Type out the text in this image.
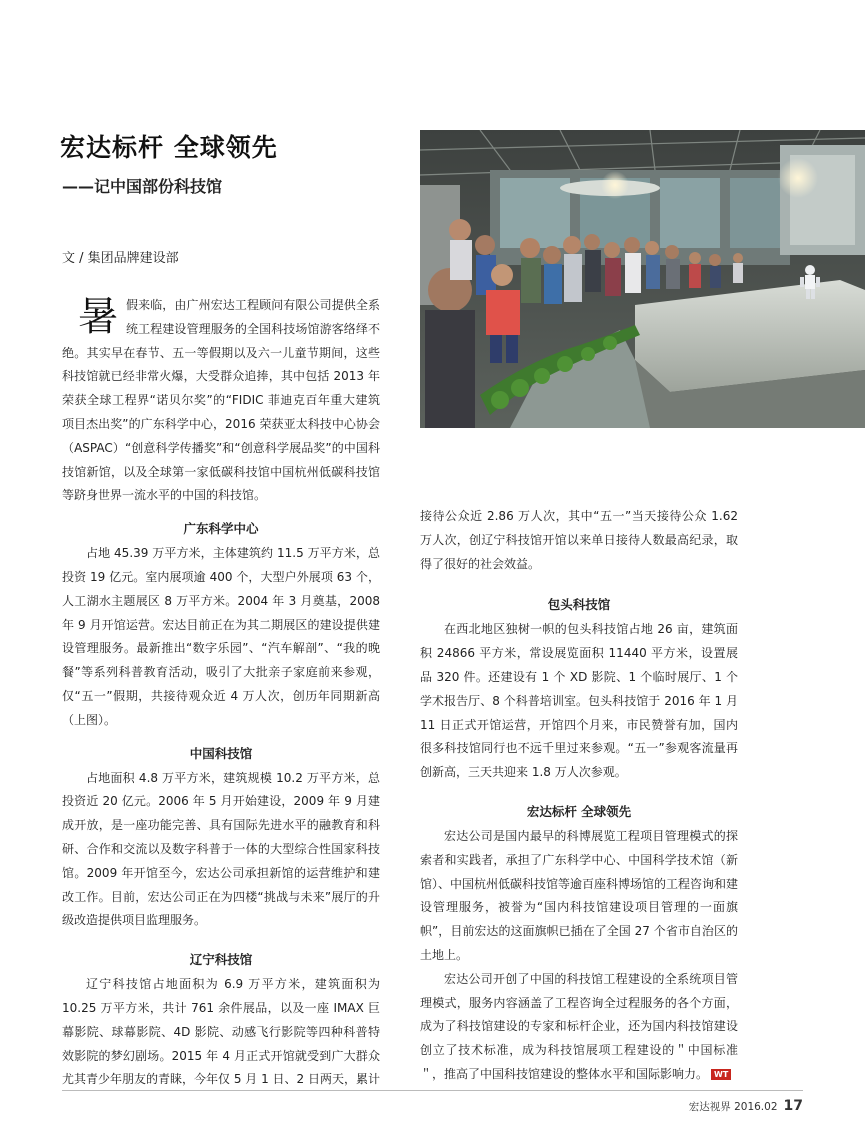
宏达标杆 全球领先
——记中国部份科技馆
文 / 集团品牌建设部

暑假来临，由广州宏达工程顾问有限公司提供全系统工程建设管理服务的全国科技场馆游客络绎不绝。其实早在春节、五一等假期以及六一儿童节期间，这些科技馆就已经非常火爆，大受群众追捧，其中包括 2013 年荣获全球工程界“诺贝尔奖”的“FIDIC 菲迪克百年重大建筑项目杰出奖”的广东科学中心，2016 荣获亚太科技中心协会（ASPAC）“创意科学传播奖”和“创意科学展品奖”的中国科技馆新馆，以及全球第一家低碳科技馆中国杭州低碳科技馆等跻身世界一流水平的中国的科技馆。

广东科学中心

占地 45.39 万平方米，主体建筑约 11.5 万平方米，总投资 19 亿元。室内展项逾 400 个，大型户外展项 63 个，人工湖水主题展区 8 万平方米。2004 年 3 月奠基，2008 年 9 月开馆运营。宏达目前正在为其二期展区的建设提供建设管理服务。最新推出“数字乐园”、“汽车解剖”、“我的晚餐”等系列科普教育活动，吸引了大批亲子家庭前来参观，仅“五一”假期，共接待观众近 4 万人次，创历年同期新高（上图）。

中国科技馆

占地面积 4.8 万平方米，建筑规模 10.2 万平方米，总投资近 20 亿元。2006 年 5 月开始建设，2009 年 9 月建成开放，是一座功能完善、具有国际先进水平的融教育和科研、合作和交流以及数字科普于一体的大型综合性国家科技馆。2009 年开馆至今，宏达公司承担新馆的运营维护和建改工作。目前，宏达公司正在为四楼“挑战与未来”展厅的升级改造提供项目监理服务。

辽宁科技馆

辽宁科技馆占地面积为 6.9 万平方米，建筑面积为 10.25 万平方米，共计 761 余件展品，以及一座 IMAX 巨幕影院、球幕影院、4D 影院、动感飞行影院等四种科普特效影院的梦幻剧场。2015 年 4 月正式开馆就受到广大群众尤其青少年朋友的青睐，今年仅 5 月 1 日、2 日两天，累计

接待公众近 2.86 万人次，其中“五一”当天接待公众 1.62 万人次，创辽宁科技馆开馆以来单日接待人数最高纪录，取得了很好的社会效益。

包头科技馆

在西北地区独树一帜的包头科技馆占地 26 亩，建筑面积 24866 平方米，常设展览面积 11440 平方米，设置展品 320 件。还建设有 1 个 XD 影院、1 个临时展厅、1 个学术报告厅、8 个科普培训室。包头科技馆于 2016 年 1 月 11 日正式开馆运营，开馆四个月来，市民赞誉有加，国内很多科技馆同行也不远千里过来参观。“五一”参观客流量再创新高，三天共迎来 1.8 万人次参观。

宏达标杆 全球领先

宏达公司是国内最早的科博展览工程项目管理模式的探索者和实践者，承担了广东科学中心、中国科学技术馆（新馆）、中国杭州低碳科技馆等逾百座科博场馆的工程咨询和建设管理服务，被誉为“国内科技馆建设项目管理的一面旗帜”，目前宏达的这面旗帜已插在了全国 27 个省市自治区的土地上。

宏达公司开创了中国的科技馆工程建设的全系统项目管理模式，服务内容涵盖了工程咨询全过程服务的各个方面，成为了科技馆建设的专家和标杆企业，还为国内科技馆建设创立了技术标准，成为科技馆展项工程建设的＂中国标准＂，推高了中国科技馆建设的整体水平和国际影响力。 WT

宏达视界 2016.02 17
